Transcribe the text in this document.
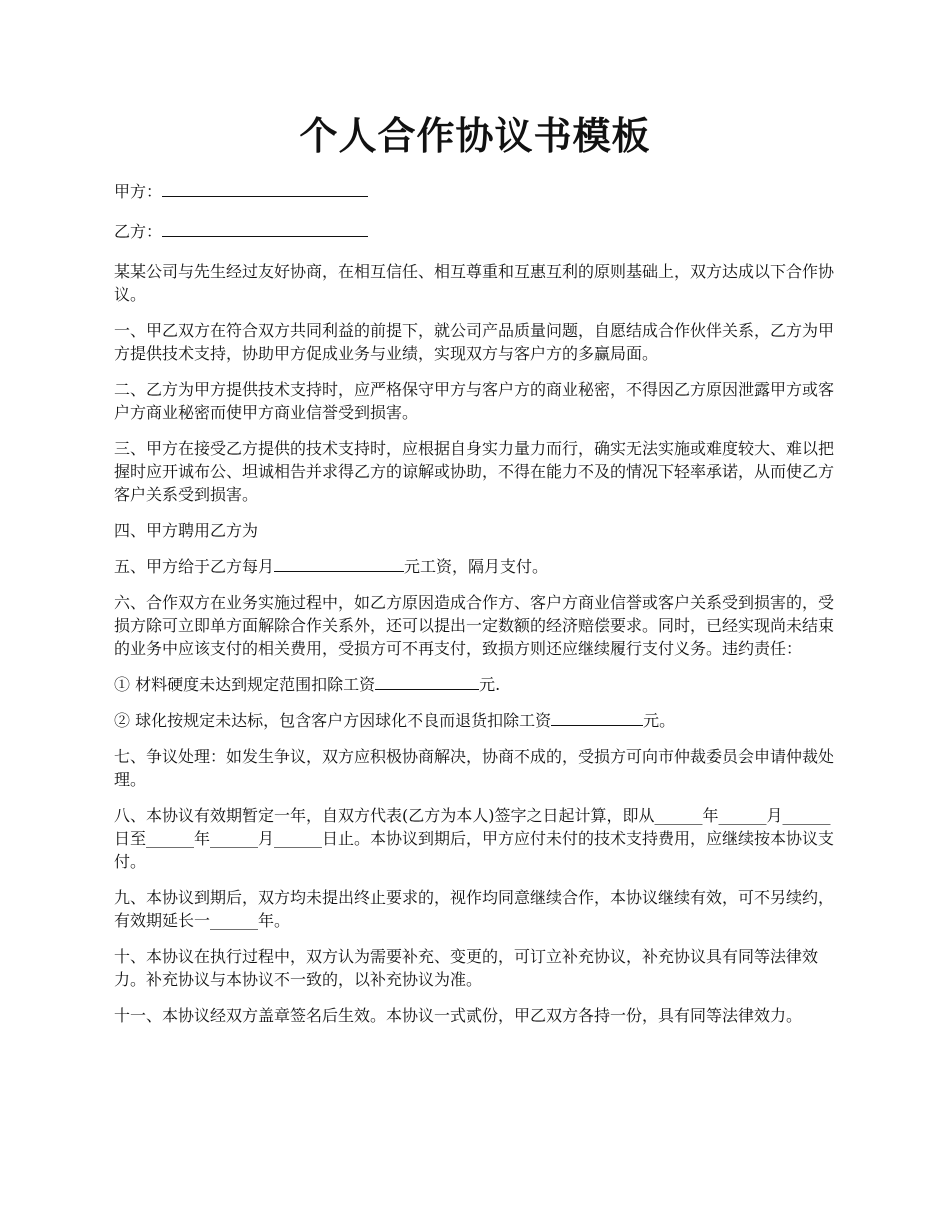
个人合作协议书模板
甲方：
乙方：

某某公司与先生经过友好协商，在相互信任、相互尊重和互惠互利的原则基础上，双方达成以下合作协议。

一、甲乙双方在符合双方共同利益的前提下，就公司产品质量问题，自愿结成合作伙伴关系，乙方为甲方提供技术支持，协助甲方促成业务与业绩，实现双方与客户方的多赢局面。

二、乙方为甲方提供技术支持时，应严格保守甲方与客户方的商业秘密，不得因乙方原因泄露甲方或客户方商业秘密而使甲方商业信誉受到损害。

三、甲方在接受乙方提供的技术支持时，应根据自身实力量力而行，确实无法实施或难度较大、难以把握时应开诚布公、坦诚相告并求得乙方的谅解或协助，不得在能力不及的情况下轻率承诺，从而使乙方客户关系受到损害。

四、甲方聘用乙方为

五、甲方给于乙方每月	元工资，隔月支付。

六、合作双方在业务实施过程中，如乙方原因造成合作方、客户方商业信誉或客户关系受到损害的，受损方除可立即单方面解除合作关系外，还可以提出一定数额的经济赔偿要求。同时，已经实现尚未结束的业务中应该支付的相关费用，受损方可不再支付，致损方则还应继续履行支付义务。违约责任：

① 材料硬度未达到规定范围扣除工资	元.

② 球化按规定未达标，包含客户方因球化不良而退货扣除工资	元。

七、争议处理：如发生争议，双方应积极协商解决，协商不成的，受损方可向市仲裁委员会申请仲裁处理。

八、本协议有效期暂定一年，自双方代表(乙方为本人)签字之日起计算，即从______年______月______日至______年______月______日止。本协议到期后，甲方应付未付的技术支持费用，应继续按本协议支付。

九、本协议到期后，双方均未提出终止要求的，视作均同意继续合作，本协议继续有效，可不另续约，有效期延长一______年。

十、本协议在执行过程中，双方认为需要补充、变更的，可订立补充协议，补充协议具有同等法律效力。补充协议与本协议不一致的，以补充协议为准。

十一、本协议经双方盖章签名后生效。本协议一式贰份，甲乙双方各持一份，具有同等法律效力。
